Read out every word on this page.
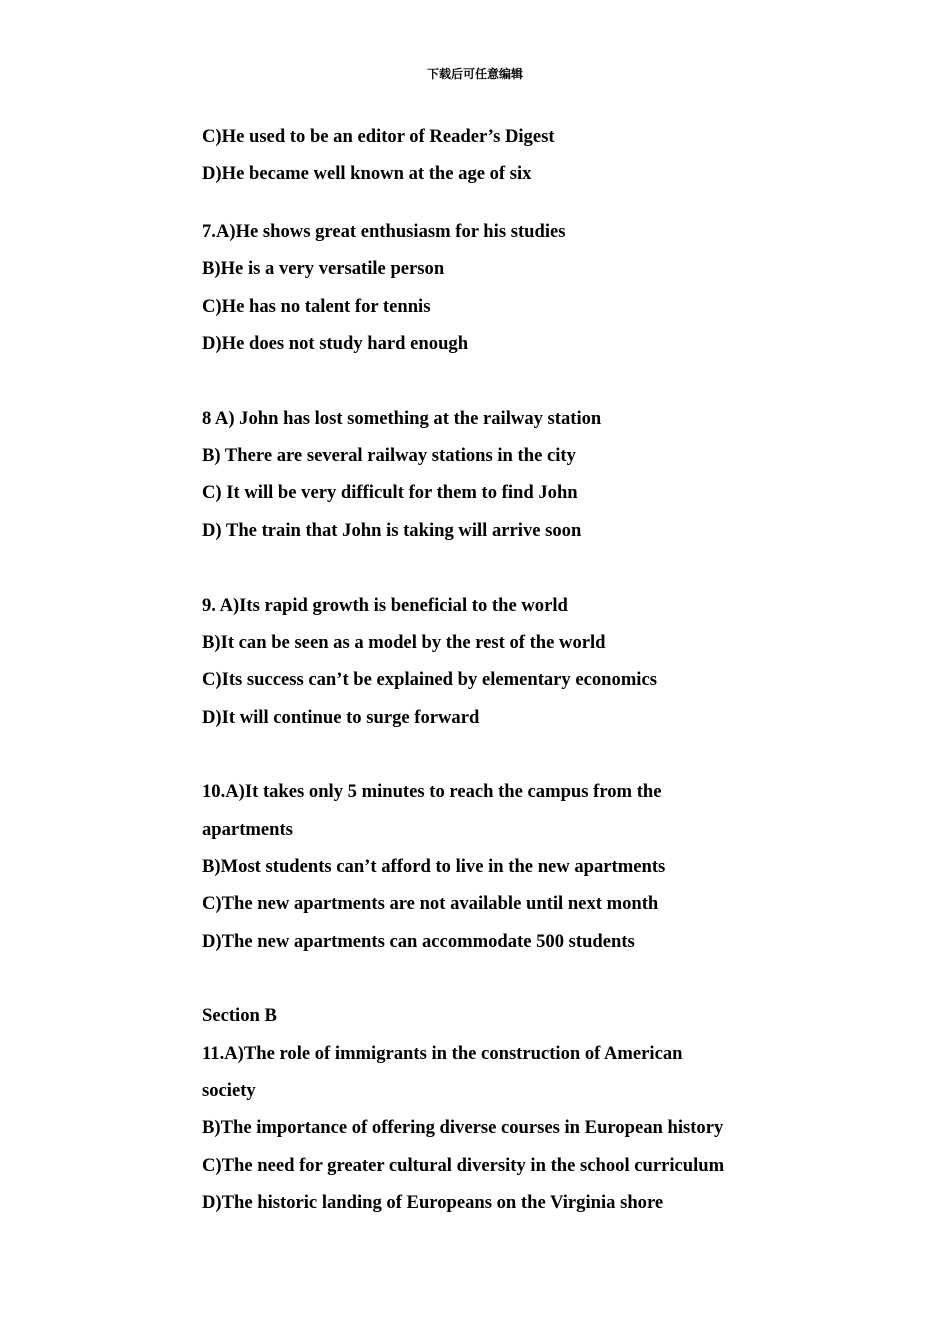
下载后可任意编辑
C)He used to be an editor of Reader’s Digest
D)He became well known at the age of six
7.A)He shows great enthusiasm for his studies
B)He is a very versatile person
C)He has no talent for tennis
D)He does not study hard enough
8 A) John has lost something at the railway station
B) There are several railway stations in the city
C) It will be very difficult for them to find John
D) The train that John is taking will arrive soon
9. A)Its rapid growth is beneficial to the world
B)It can be seen as a model by the rest of the world
C)Its success can’t be explained by elementary economics
D)It will continue to surge forward
10.A)It takes only 5 minutes to reach the campus from the
apartments
B)Most students can’t afford to live in the new apartments
C)The new apartments are not available until next month
D)The new apartments can accommodate 500 students
Section B
11.A)The role of immigrants in the construction of American
society
B)The importance of offering diverse courses in European history
C)The need for greater cultural diversity in the school curriculum
D)The historic landing of Europeans on the Virginia shore
